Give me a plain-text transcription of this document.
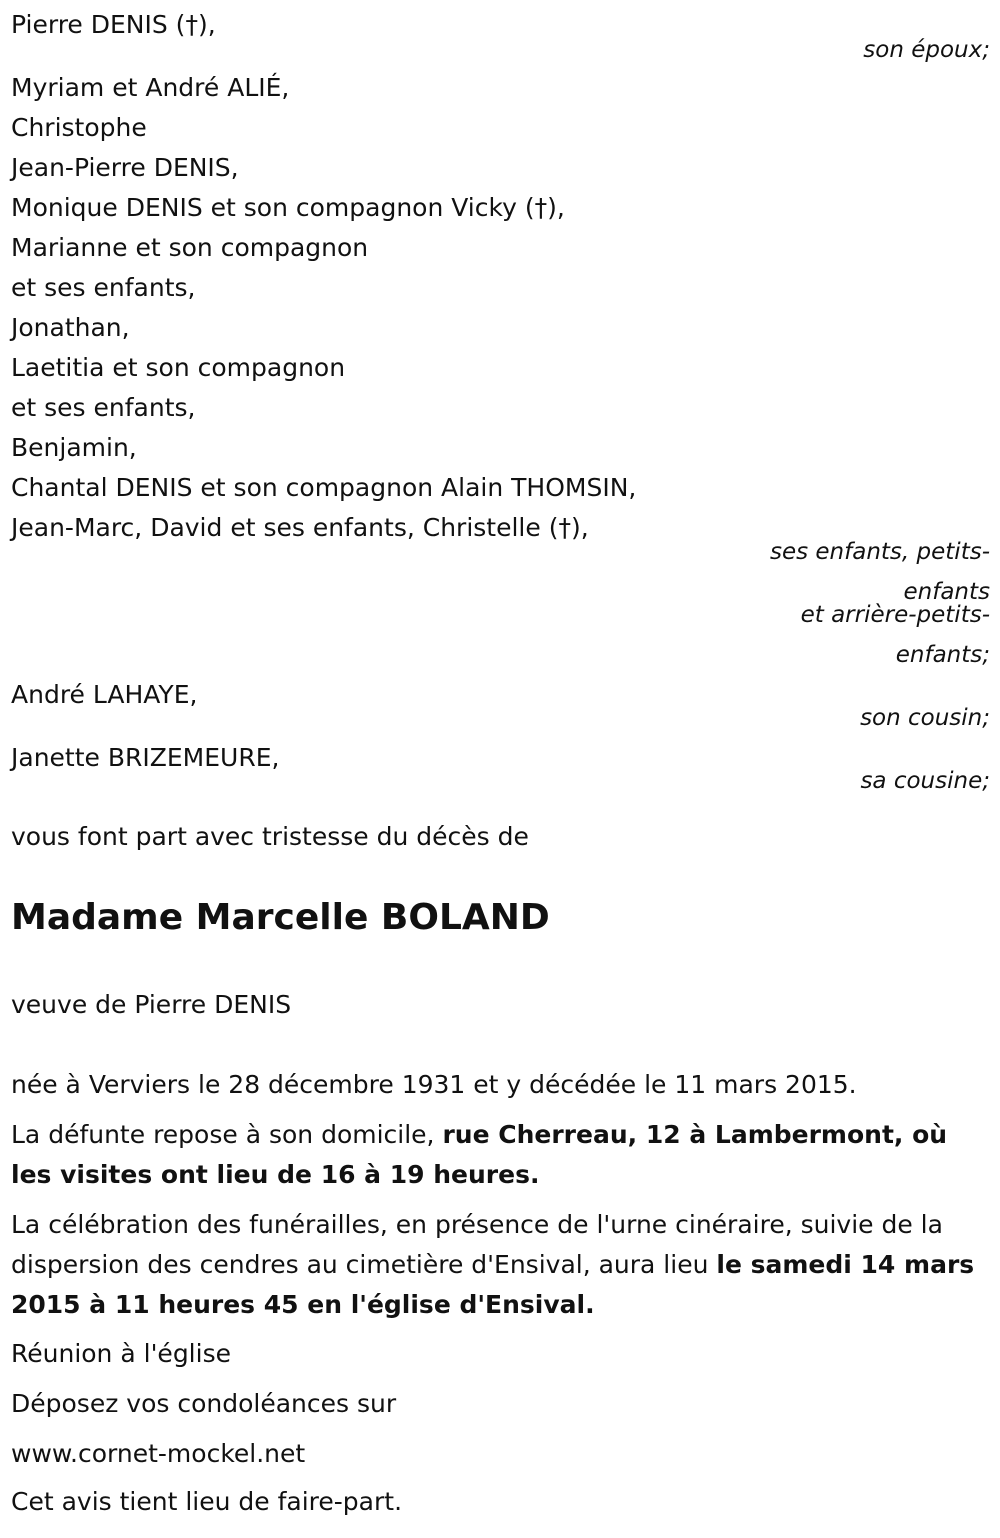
Pierre DENIS (†),
son époux;
Myriam et André ALIÉ,
Christophe
Jean-Pierre DENIS,
Monique DENIS et son compagnon Vicky (†),
Marianne et son compagnon
et ses enfants,
Jonathan,
Laetitia et son compagnon
et ses enfants,
Benjamin,
Chantal DENIS et son compagnon Alain THOMSIN,
Jean-Marc, David et ses enfants, Christelle (†),
ses enfants, petits-
enfants
et arrière-petits-
enfants;
André LAHAYE,
son cousin;
Janette BRIZEMEURE,
sa cousine;
vous font part avec tristesse du décès de
Madame Marcelle BOLAND
veuve de Pierre DENIS
née à Verviers le 28 décembre 1931 et y décédée le 11 mars 2015.
La défunte repose à son domicile, rue Cherreau, 12 à Lambermont, où les visites ont lieu de 16 à 19 heures.
La célébration des funérailles, en présence de l'urne cinéraire, suivie de la dispersion des cendres au cimetière d'Ensival, aura lieu le samedi 14 mars 2015 à 11 heures 45 en l'église d'Ensival.
Réunion à l'église
Déposez vos condoléances sur
www.cornet-mockel.net
Cet avis tient lieu de faire-part.
